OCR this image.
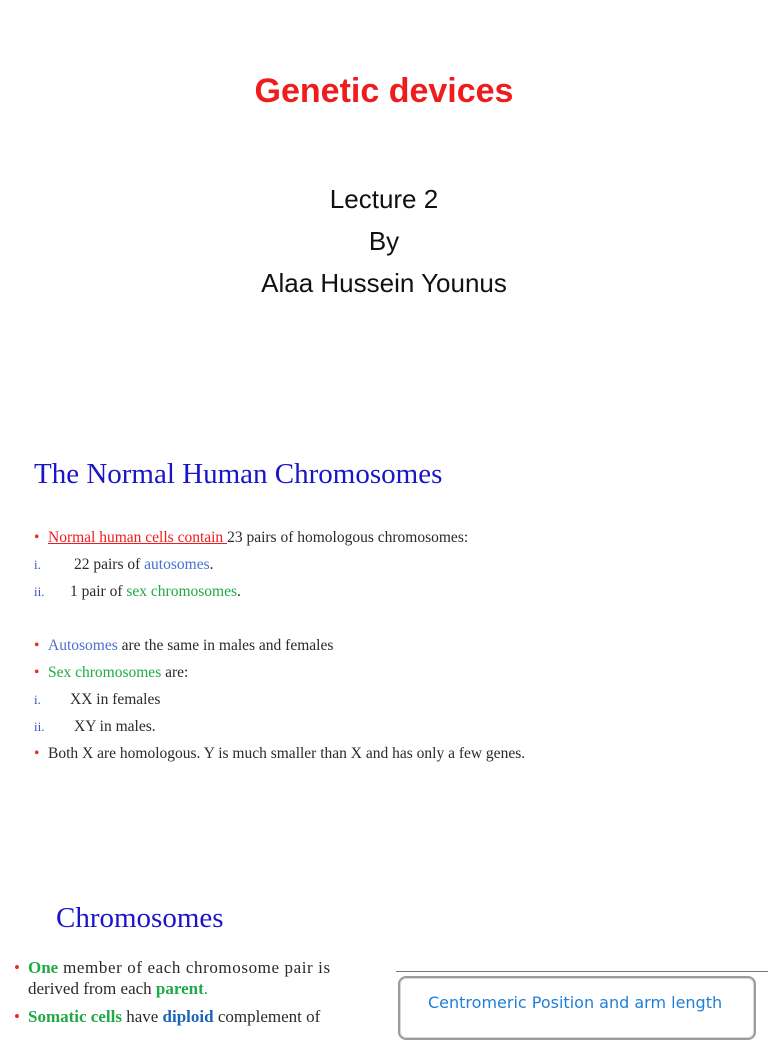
Genetic devices
Lecture 2
By
Alaa Hussein Younus
The Normal Human Chromosomes
• Normal human cells contain 23 pairs of homologous chromosomes:
i. 22 pairs of autosomes.
ii. 1 pair of sex chromosomes.
• Autosomes are the same in males and females
• Sex chromosomes are:
i. XX in females
ii. XY in males.
• Both X are homologous. Y is much smaller than X and has only a few genes.
Chromosomes
• One member of each chromosome pair is
derived from each parent.
• Somatic cells have diploid complement of
Centromeric Position and arm length
